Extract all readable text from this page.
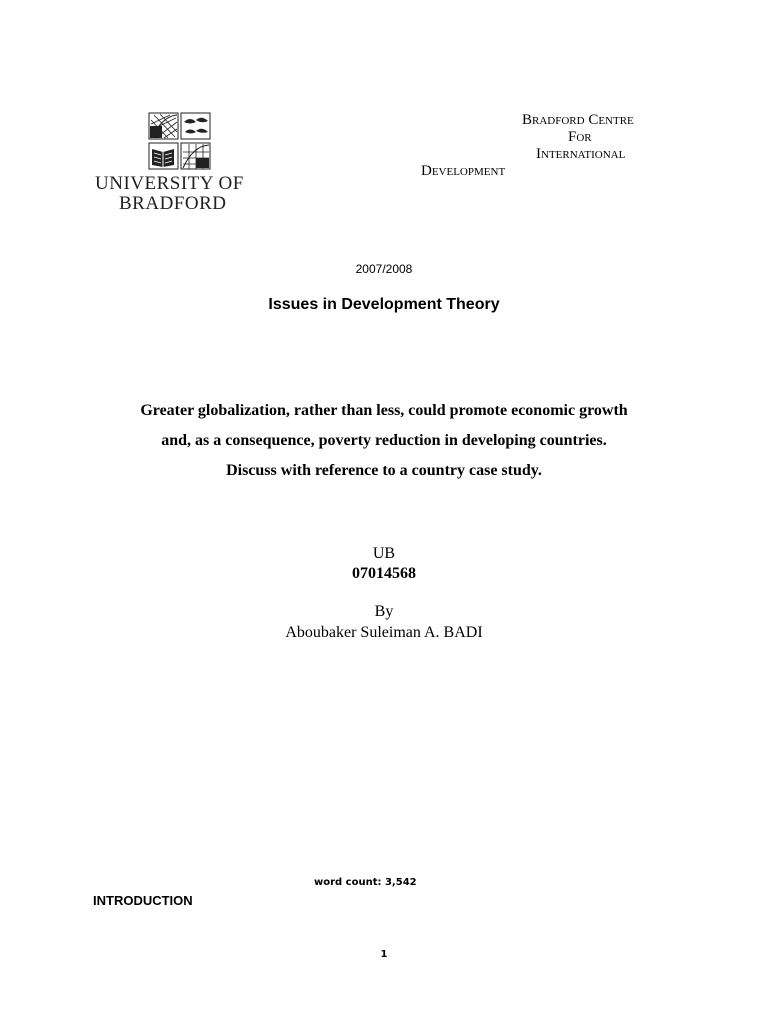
UNIVERSITY OF
BRADFORD
Bradford Centre
For
International
Development
2007/2008
Issues in Development Theory
Greater globalization, rather than less, could promote economic growth
and, as a consequence, poverty reduction in developing countries.
Discuss with reference to a country case study.
UB
07014568
By
Aboubaker Suleiman A. BADI
word count: 3,542
INTRODUCTION
1
